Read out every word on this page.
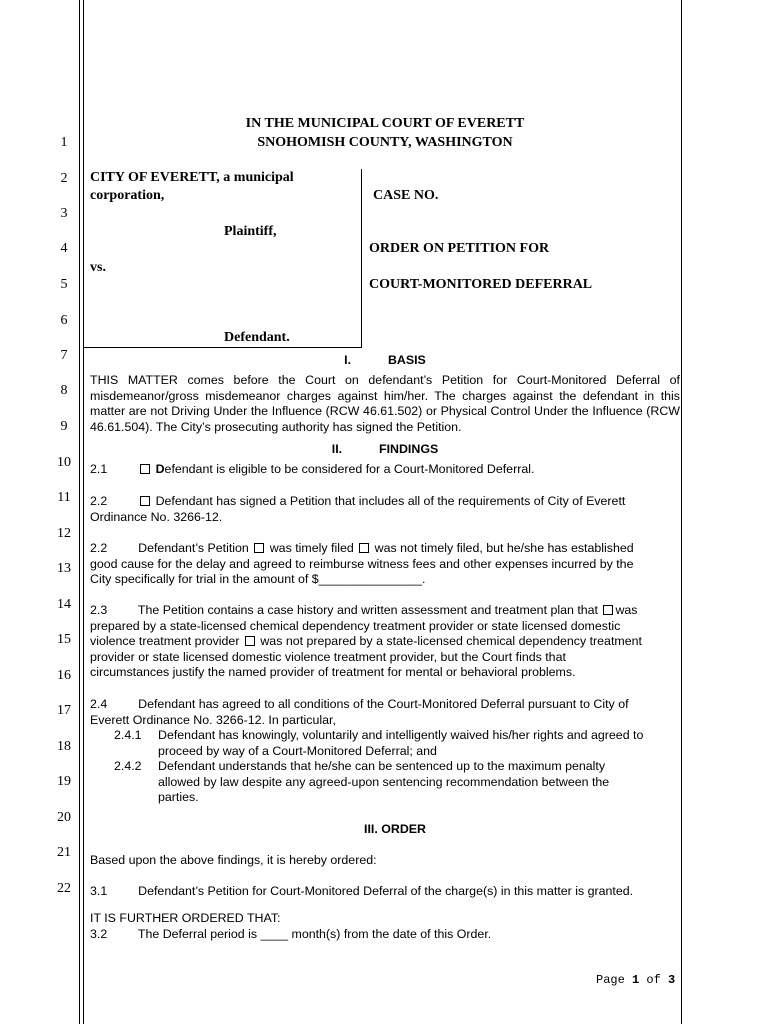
1
2
3
4
5
6
7
8
9
10
11
12
13
14
15
16
17
18
19
20
21
22
IN THE MUNICIPAL COURT OF EVERETT
SNOHOMISH COUNTY, WASHINGTON
CITY OF EVERETT, a municipal
corporation,
Plaintiff,
vs.
Defendant.
CASE NO.
ORDER ON PETITION FOR
COURT-MONITORED DEFERRAL
I.	BASIS
THIS MATTER comes before the Court on defendant’s Petition for Court-Monitored Deferral of misdemeanor/gross misdemeanor charges against him/her. The charges against the defendant in this matter are not Driving Under the Influence (RCW 46.61.502) or Physical Control Under the Influence (RCW 46.61.504). The City’s prosecuting authority has signed the Petition.
II.	FINDINGS
2.1	Defendant is eligible to be considered for a Court-Monitored Deferral.
2.2	Defendant has signed a Petition that includes all of the requirements of City of Everett
Ordinance No. 3266-12.
2.2 Defendant’s Petition was timely filed was not timely filed, but he/she has established
good cause for the delay and agreed to reimburse witness fees and other expenses incurred by the
City specifically for trial in the amount of $_______________.
2.3 The Petition contains a case history and written assessment and treatment plan that was
prepared by a state-licensed chemical dependency treatment provider or state licensed domestic
violence treatment provider was not prepared by a state-licensed chemical dependency treatment
provider or state licensed domestic violence treatment provider, but the Court finds that
circumstances justify the named provider of treatment for mental or behavioral problems.
2.4 Defendant has agreed to all conditions of the Court-Monitored Deferral pursuant to City of
Everett Ordinance No. 3266-12. In particular,
2.4.1 Defendant has knowingly, voluntarily and intelligently waived his/her rights and agreed to
proceed by way of a Court-Monitored Deferral; and
2.4.2 Defendant understands that he/she can be sentenced up to the maximum penalty
allowed by law despite any agreed-upon sentencing recommendation between the
parties.
III. ORDER
Based upon the above findings, it is hereby ordered:
3.1 Defendant’s Petition for Court-Monitored Deferral of the charge(s) in this matter is granted.
IT IS FURTHER ORDERED THAT:
3.2 The Deferral period is ____ month(s) from the date of this Order.
Page 1 of 3
